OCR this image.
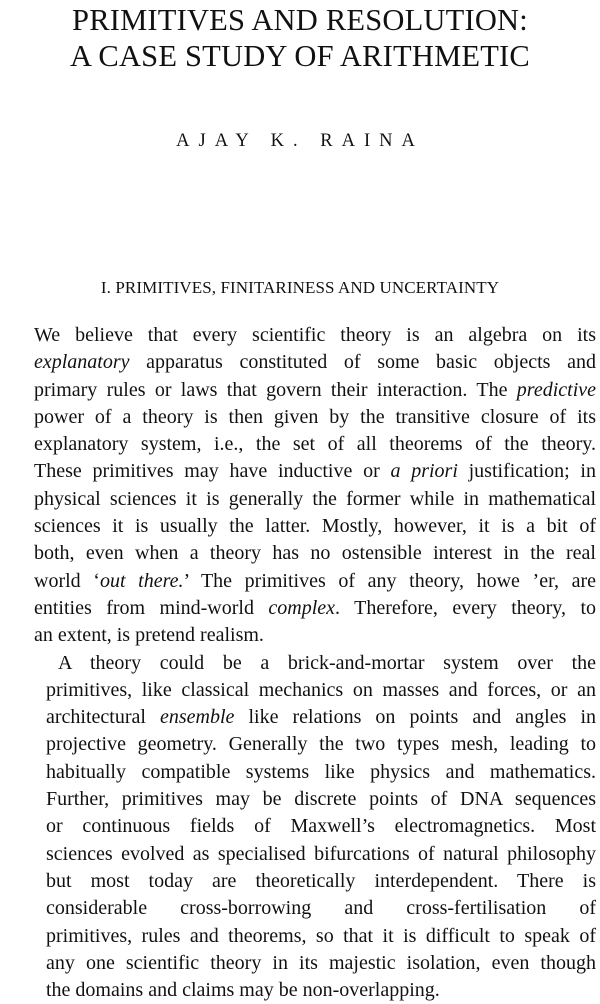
PRIMITIVES AND RESOLUTION:
A CASE STUDY OF ARITHMETIC
AJAY K. RAINA
I. PRIMITIVES, FINITARINESS AND UNCERTAINTY
We believe that every scientific theory is an algebra on its
explanatory apparatus constituted of some basic objects and
primary rules or laws that govern their interaction. The predictive
power of a theory is then given by the transitive closure of its
explanatory system, i.e., the set of all theorems of the theory.
These primitives may have inductive or a priori justification; in
physical sciences it is generally the former while in mathematical
sciences it is usually the latter. Mostly, however, it is a bit of
both, even when a theory has no ostensible interest in the real
world ‘out there.’ The primitives of any theory, howe ’er, are
entities from mind-world complex. Therefore, every theory, to
an extent, is pretend realism.
A theory could be a brick-and-mortar system over the
primitives, like classical mechanics on masses and forces, or an
architectural ensemble like relations on points and angles in
projective geometry. Generally the two types mesh, leading to
habitually compatible systems like physics and mathematics.
Further, primitives may be discrete points of DNA sequences
or continuous fields of Maxwell’s electromagnetics. Most
sciences evolved as specialised bifurcations of natural philosophy
but most today are theoretically interdependent. There is
considerable cross-borrowing and cross-fertilisation of
primitives, rules and theorems, so that it is difficult to speak of
any one scientific theory in its majestic isolation, even though
the domains and claims may be non-overlapping.
